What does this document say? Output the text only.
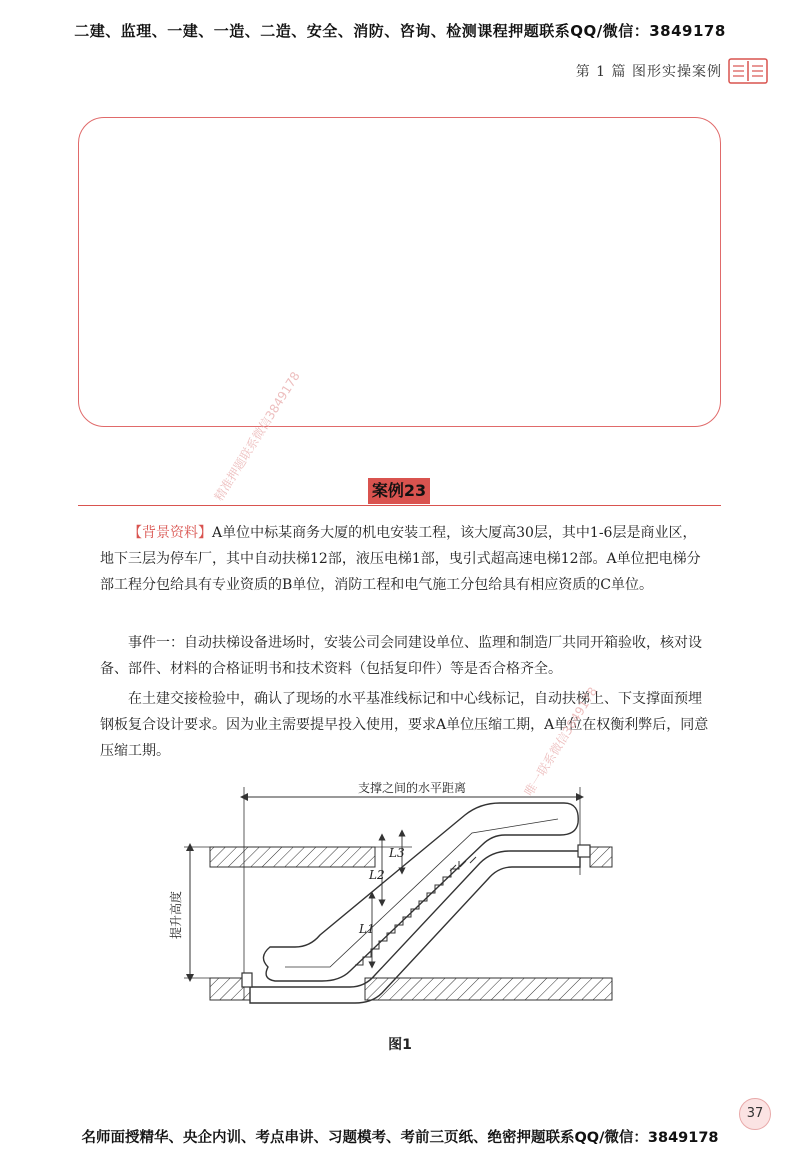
二建、监理、一建、一造、二造、安全、消防、咨询、检测课程押题联系QQ/微信：3849178
第 1 篇 图形实操案例
案例23

【背景资料】A单位中标某商务大厦的机电安装工程，该大厦高30层，其中1-6层是商业区，地下三层为停车厂，其中自动扶梯12部，液压电梯1部，曳引式超高速电梯12部。A单位把电梯分部工程分包给具有专业资质的B单位，消防工程和电气施工分包给具有相应资质的C单位。

事件一：自动扶梯设备进场时，安装公司会同建设单位、监理和制造厂共同开箱验收，核对设备、部件、材料的合格证明书和技术资料（包括复印件）等是否合格齐全。

在土建交接检验中，确认了现场的水平基准线标记和中心线标记，自动扶梯上、下支撑面预埋钢板复合设计要求。因为业主需要提早投入使用，要求A单位压缩工期，A单位在权衡利弊后，同意压缩工期。

精准押题联系微信3849178
唯一联系微信3849178
支撑之间的水平距离
提升高度	L1
L2
L3
图1
37
名师面授精华、央企内训、考点串讲、习题模考、考前三页纸、绝密押题联系QQ/微信：3849178
